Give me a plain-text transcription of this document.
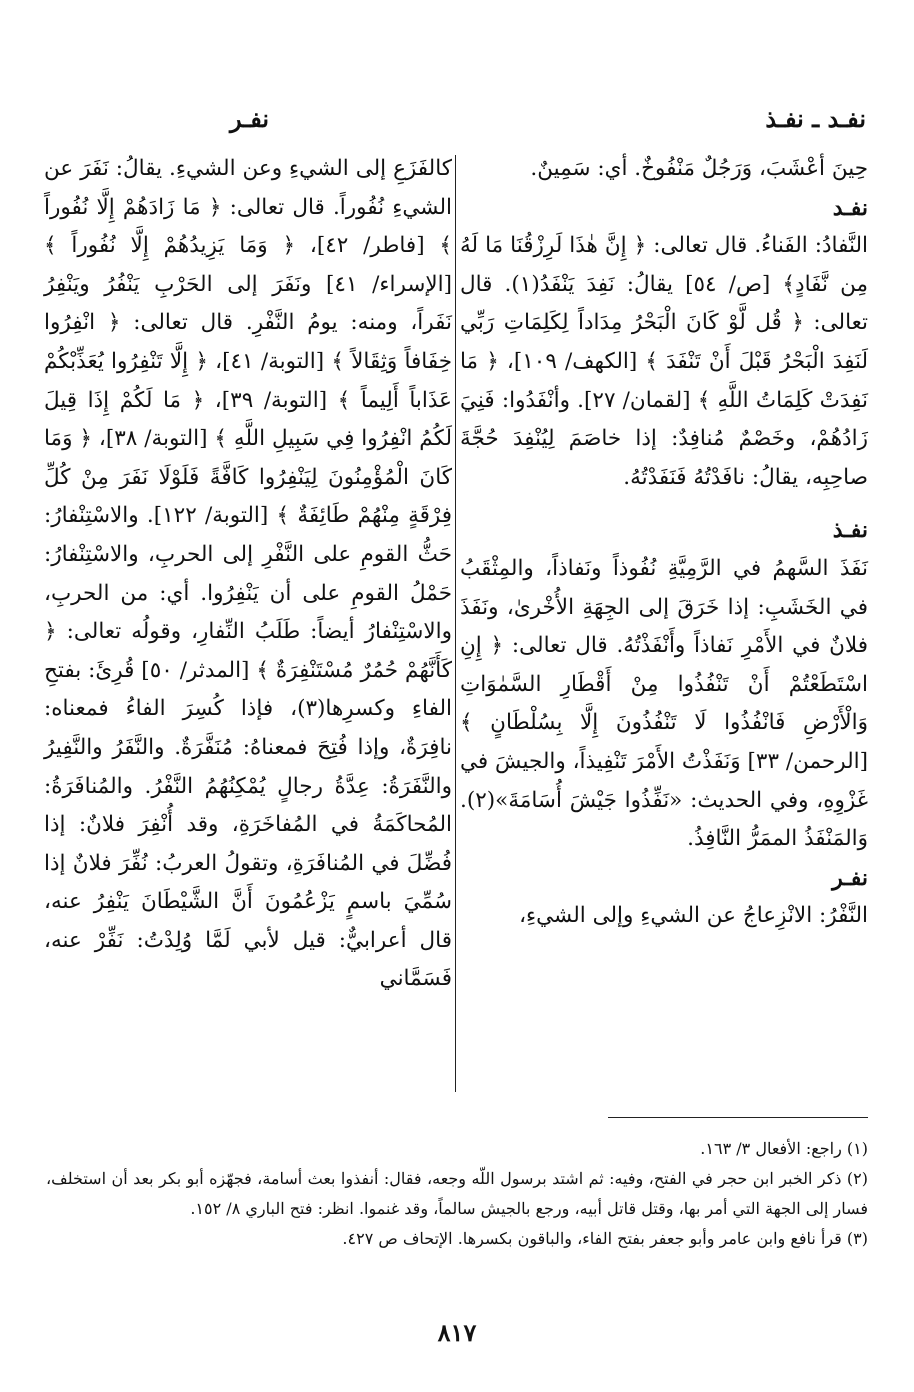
نفـد ـ نفـذ
نفـر

حِينَ أعْشَبَ، وَرَجُلٌ مَنْفُوخٌ. أي: سَمِينٌ.

نفـد

النَّفادُ: الفَناءُ. قال تعالى: ﴿ إِنَّ هٰذَا لَرِزْقُنَا مَا لَهُ مِن نَّفَادٍ﴾ [ص/ ٥٤] يقالُ: نَفِدَ يَنْفَدُ(١). قال تعالى: ﴿ قُل لَّوْ كَانَ الْبَحْرُ مِدَاداً لِكَلِمَاتِ رَبِّي لَنَفِدَ الْبَحْرُ قَبْلَ أَنْ تَنْفَدَ ﴾ [الكهف/ ١٠٩]، ﴿ مَا نَفِدَتْ كَلِمَاتُ اللَّهِ ﴾ [لقمان/ ٢٧]. وأنْفَدُوا: فَنِيَ زَادُهُمْ، وخَصْمٌ مُنافِدٌ: إذا خاصَمَ لِيُنْفِدَ حُجَّةَ صاحِبِه، يقالُ: نافَدْتُهُ فَنَفَدْتُهُ.

نفـذ

نَفَذَ السَّهمُ في الرَّمِيَّةِ نُفُوذاً ونَفاذاً، والمِثْقَبُ في الخَشَبِ: إذا خَرَقَ إلى الجِهَةِ الأُخْرىٰ، ونَفَذَ فلانٌ في الأَمْرِ نَفاذاً وأَنْفَذْتُهُ. قال تعالى: ﴿ إِنِ اسْتَطَعْتُمْ أَنْ تَنْفُذُوا مِنْ أَقْطَارِ السَّمٰوَاتِ وَالْأَرْضِ فَانْفُذُوا لَا تَنْفُذُونَ إِلَّا بِسُلْطَانٍ ﴾ [الرحمن/ ٣٣] وَنَفَذْتُ الأَمْرَ تَنْفِيذاً، والجيشَ في غَزْوِهِ، وفي الحديث: «نَفِّذُوا جَيْشَ أُسَامَةَ»(٢). وَالمَنْفَذُ الممَرُّ النَّافِذُ.

نفـر

النَّفْرُ: الانْزِعاجُ عن الشيءِ وإلى الشيءِ،

كالفَزَعِ إلى الشيءِ وعن الشيءِ. يقالُ: نَفَرَ عن الشيءِ نُفُوراً. قال تعالى: ﴿ مَا زَادَهُمْ إِلَّا نُفُوراً ﴾ [فاطر/ ٤٢]، ﴿ وَمَا يَزِيدُهُمْ إِلَّا نُفُوراً ﴾ [الإسراء/ ٤١] ونَفَرَ إلى الحَرْبِ يَنْفُرُ ويَنْفِرُ نَفَراً، ومنه: يومُ النَّفْرِ. قال تعالى: ﴿ انْفِرُوا خِفَافاً وَثِقَالاً ﴾ [التوبة/ ٤١]، ﴿ إِلَّا تَنْفِرُوا يُعَذِّبْكُمْ عَذَاباً أَلِيماً ﴾ [التوبة/ ٣٩]، ﴿ مَا لَكُمْ إِذَا قِيلَ لَكُمُ انْفِرُوا فِي سَبِيلِ اللَّهِ ﴾ [التوبة/ ٣٨]، ﴿ وَمَا كَانَ الْمُؤْمِنُونَ لِيَنْفِرُوا كَافَّةً فَلَوْلَا نَفَرَ مِنْ كُلِّ فِرْقَةٍ مِنْهُمْ طَائِفَةٌ ﴾ [التوبة/ ١٢٢]. والاسْتِنْفارُ: حَثُّ القومِ على النَّفْرِ إلى الحربِ، والاسْتِنْفارُ: حَمْلُ القومِ على أن يَنْفِرُوا. أي: من الحربِ، والاسْتِنْفارُ أيضاً: طَلَبُ النِّفارِ، وقولُه تعالى: ﴿ كَأَنَّهُمْ حُمُرٌ مُسْتَنْفِرَةٌ ﴾ [المدثر/ ٥٠] قُرِئَ: بفتحِ الفاءِ وكسرِها(٣)، فإذا كُسِرَ الفاءُ فمعناه: نافِرَةٌ، وإذا فُتِحَ فمعناهُ: مُنَفَّرَةٌ. والنَّفَرُ والنَّفِيرُ والنَّفَرَةُ: عِدَّةُ رجالٍ يُمْكِنُهُمُ النَّفْرُ. والمُنافَرَةُ: المُحاكَمَةُ في المُفاخَرَةِ، وقد أُنْفِرَ فلانٌ: إذا فُضِّلَ في المُنافَرَةِ، وتقولُ العربُ: نُفِّرَ فلانٌ إذا سُمِّيَ باسمٍ يَزْعُمُونَ أَنَّ الشَّيْطَانَ يَنْفِرُ عنه، قال أعرابيٌّ: قيل لأبي لَمَّا وُلِدْتُ: نَفِّرْ عنه، فَسَمَّاني

(١) راجع: الأفعال ٣/ ١٦٣.

(٢) ذكر الخبر ابن حجر في الفتح، وفيه: ثم اشتد برسول اللّه وجعه، فقال: أنفذوا بعث أسامة، فجهّزه أبو بكر بعد أن استخلف، فسار إلى الجهة التي أمر بها، وقتل قاتل أبيه، ورجع بالجيش سالماً، وقد غنموا. انظر: فتح الباري ٨/ ١٥٢.

(٣) قرأ نافع وابن عامر وأبو جعفر بفتح الفاء، والباقون بكسرها. الإتحاف ص ٤٢٧.

٨١٧
